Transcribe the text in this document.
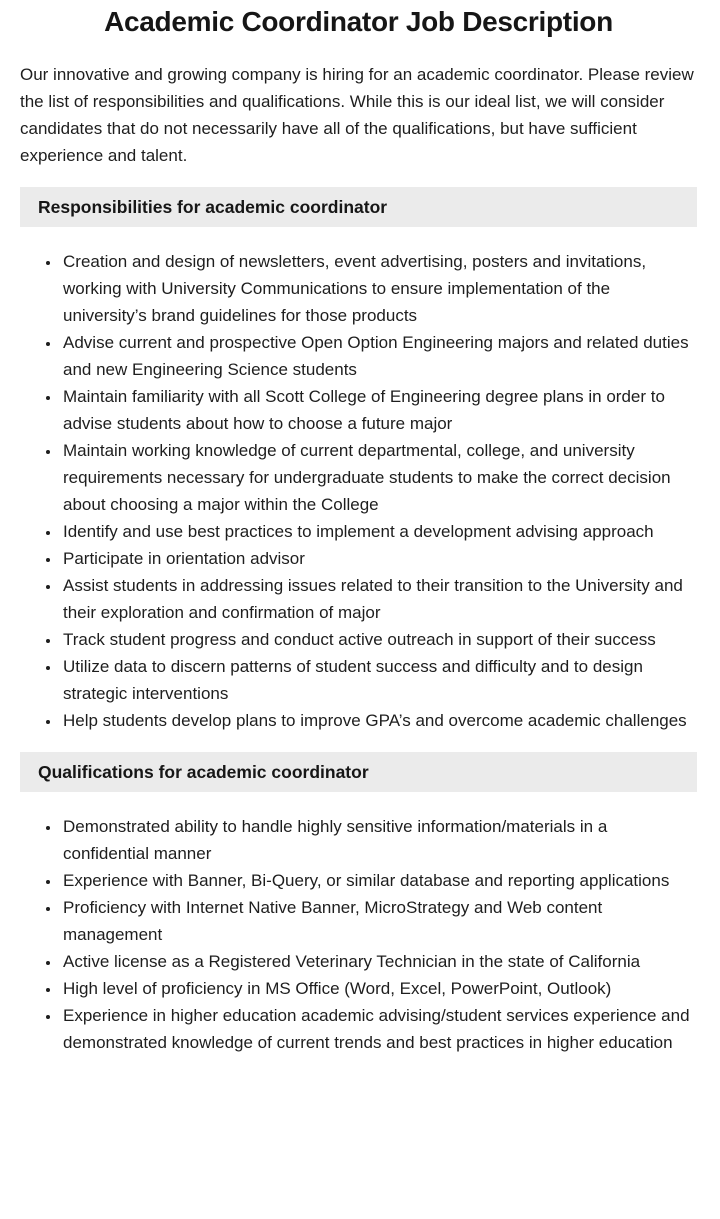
Academic Coordinator Job Description

Our innovative and growing company is hiring for an academic coordinator. Please review the list of responsibilities and qualifications. While this is our ideal list, we will consider candidates that do not necessarily have all of the qualifications, but have sufficient experience and talent.

Responsibilities for academic coordinator
• Creation and design of newsletters, event advertising, posters and invitations, working with University Communications to ensure implementation of the university’s brand guidelines for those products
• Advise current and prospective Open Option Engineering majors and related duties and new Engineering Science students
• Maintain familiarity with all Scott College of Engineering degree plans in order to advise students about how to choose a future major
• Maintain working knowledge of current departmental, college, and university requirements necessary for undergraduate students to make the correct decision about choosing a major within the College
• Identify and use best practices to implement a development advising approach
• Participate in orientation advisor
• Assist students in addressing issues related to their transition to the University and their exploration and confirmation of major
• Track student progress and conduct active outreach in support of their success
• Utilize data to discern patterns of student success and difficulty and to design strategic interventions
• Help students develop plans to improve GPA’s and overcome academic challenges
Qualifications for academic coordinator
• Demonstrated ability to handle highly sensitive information/materials in a confidential manner
• Experience with Banner, Bi-Query, or similar database and reporting applications
• Proficiency with Internet Native Banner, MicroStrategy and Web content management
• Active license as a Registered Veterinary Technician in the state of California
• High level of proficiency in MS Office (Word, Excel, PowerPoint, Outlook)
• Experience in higher education academic advising/student services experience and demonstrated knowledge of current trends and best practices in higher education
